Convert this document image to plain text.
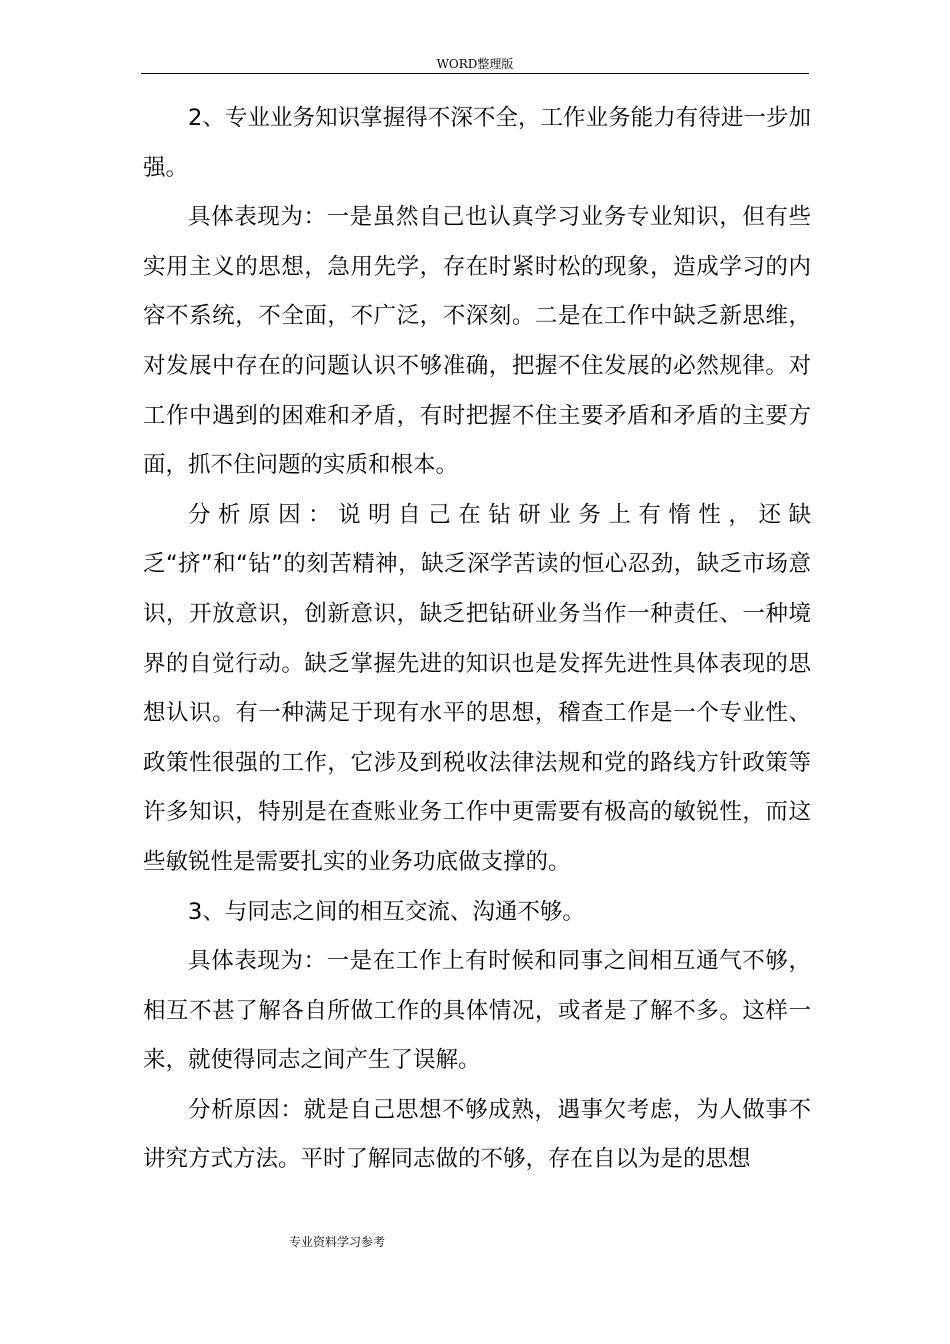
WORD整理版

2、专业业务知识掌握得不深不全，工作业务能力有待进一步加强。

具体表现为：一是虽然自己也认真学习业务专业知识，但有些实用主义的思想，急用先学，存在时紧时松的现象，造成学习的内容不系统，不全面，不广泛，不深刻。二是在工作中缺乏新思维，对发展中存在的问题认识不够准确，把握不住发展的必然规律。对工作中遇到的困难和矛盾，有时把握不住主要矛盾和矛盾的主要方面，抓不住问题的实质和根本。

分析原因：说明自己在钻研业务上有惰性，还缺乏“挤”和“钻”的刻苦精神，缺乏深学苦读的恒心忍劲，缺乏市场意识，开放意识，创新意识，缺乏把钻研业务当作一种责任、一种境界的自觉行动。缺乏掌握先进的知识也是发挥先进性具体表现的思想认识。有一种满足于现有水平的思想，稽查工作是一个专业性、政策性很强的工作，它涉及到税收法律法规和党的路线方针政策等许多知识，特别是在查账业务工作中更需要有极高的敏锐性，而这些敏锐性是需要扎实的业务功底做支撑的。

3、与同志之间的相互交流、沟通不够。

具体表现为：一是在工作上有时候和同事之间相互通气不够，相互不甚了解各自所做工作的具体情况，或者是了解不多。这样一来，就使得同志之间产生了误解。

分析原因：就是自己思想不够成熟，遇事欠考虑，为人做事不讲究方式方法。平时了解同志做的不够，存在自以为是的思想

专业资料学习参考
